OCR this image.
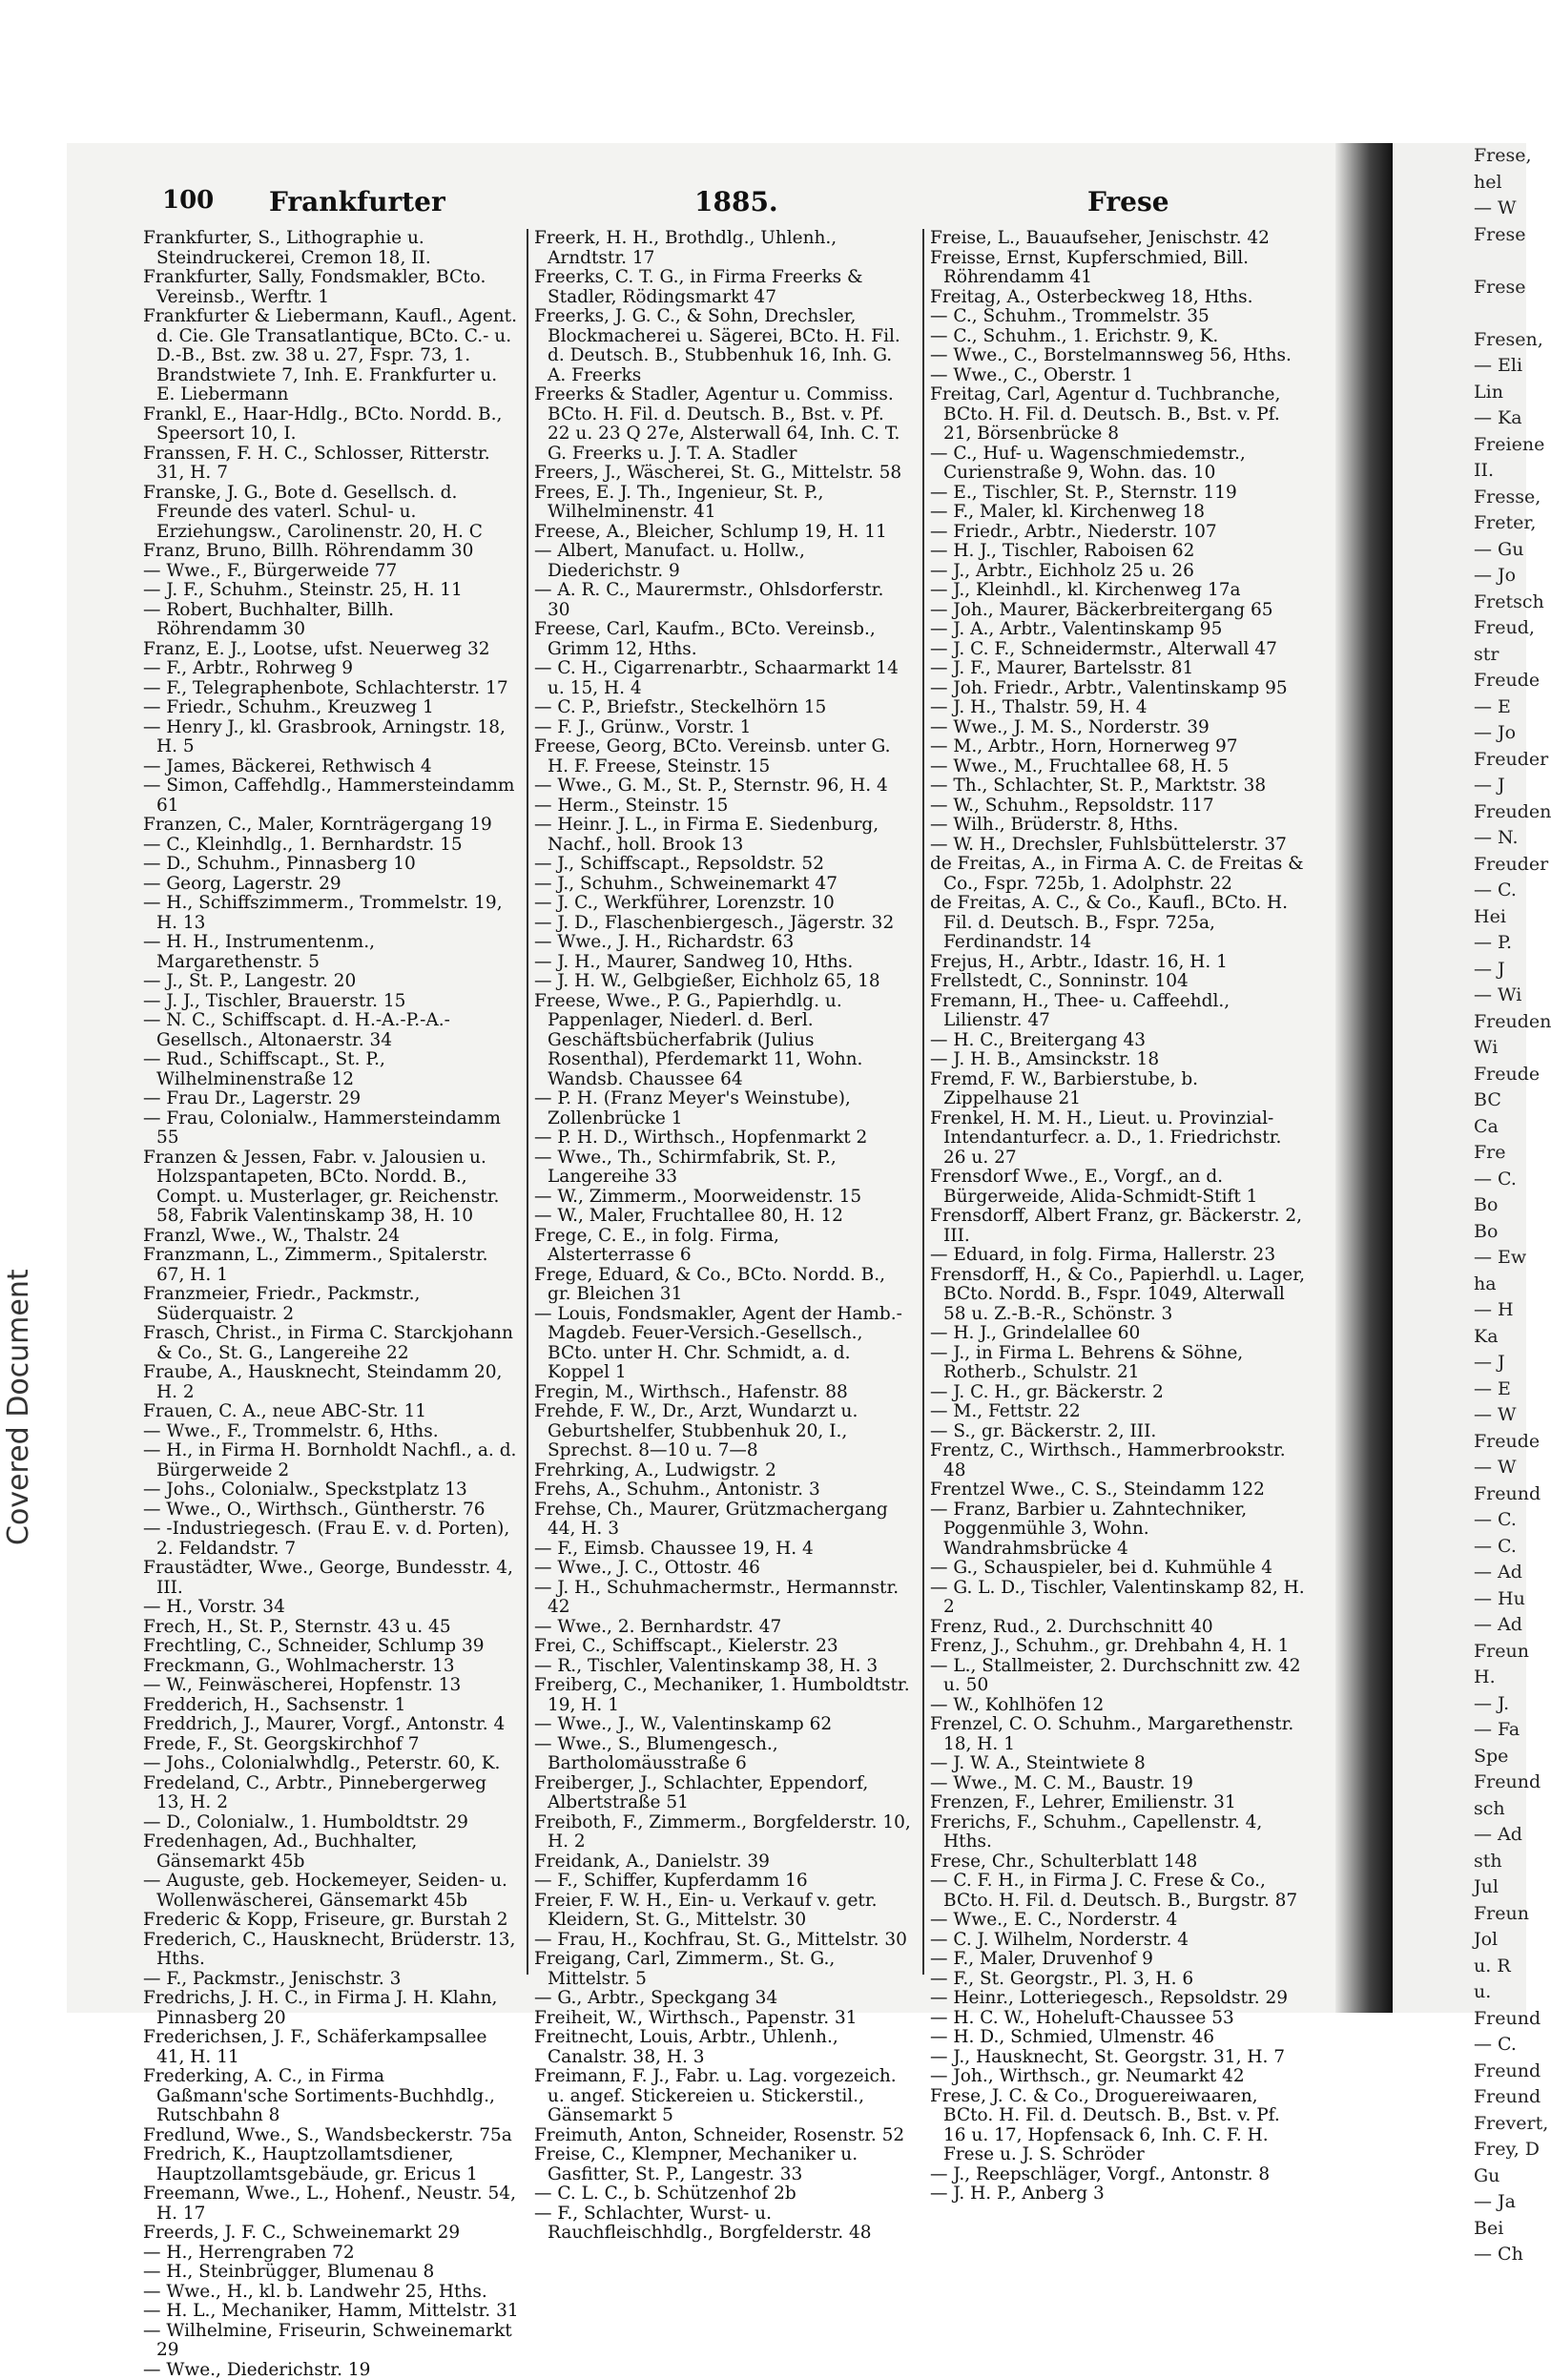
Frese,
hel
— W
Frese

Frese

Fresen,
— Eli
Lin
— Ka
Freiene
II.
Fresse,
Freter,
— Gu
— Jo
Fretsch
Freud,
str
Freude
— E
— Jo
Freuder
— J
Freuden
— N.
Freuder
— C.
Hei
— P.
— J
— Wi
Freuden
Wi
Freude
BC
Ca
Fre
— C.
Bo
Bo
— Ew
ha
— H
Ka
— J
— E
— W
Freude
— W
Freund
— C.
— C.
— Ad
— Hu
— Ad
Freun
H.
— J.
— Fa
Spe
Freund
sch
— Ad
sth
Jul
Freun
Jol
u. R
u.
Freund
— C.
Freund
Freund
Frevert,
Frey, D
Gu
— Ja
Bei
— Ch
Covered Document
100 Frankfurter	1885.	Frese

Frankfurter, S., Lithographie u. Steindruckerei, Cremon 18, II.

Frankfurter, Sally, Fondsmakler, BCto. Vereinsb., Werftr. 1

Frankfurter & Liebermann, Kaufl., Agent. d. Cie. Gle Transatlantique, BCto. C.- u. D.-B., Bst. zw. 38 u. 27, Fspr. 73, 1. Brandstwiete 7, Inh. E. Frankfurter u. E. Liebermann

Frankl, E., Haar-Hdlg., BCto. Nordd. B., Speersort 10, I.

Franssen, F. H. C., Schlosser, Ritterstr. 31, H. 7

Franske, J. G., Bote d. Gesellsch. d. Freunde des vaterl. Schul- u. Erziehungsw., Carolinenstr. 20, H. C

Franz, Bruno, Billh. Röhrendamm 30

— Wwe., F., Bürgerweide 77

— J. F., Schuhm., Steinstr. 25, H. 11

— Robert, Buchhalter, Billh. Röhrendamm 30

Franz, E. J., Lootse, ufst. Neuerweg 32

— F., Arbtr., Rohrweg 9

— F., Telegraphenbote, Schlachterstr. 17

— Friedr., Schuhm., Kreuzweg 1

— Henry J., kl. Grasbrook, Arningstr. 18, H. 5

— James, Bäckerei, Rethwisch 4

— Simon, Caffehdlg., Hammersteindamm 61

Franzen, C., Maler, Kornträgergang 19

— C., Kleinhdlg., 1. Bernhardstr. 15

— D., Schuhm., Pinnasberg 10

— Georg, Lagerstr. 29

— H., Schiffszimmerm., Trommelstr. 19, H. 13

— H. H., Instrumentenm., Margarethenstr. 5

— J., St. P., Langestr. 20

— J. J., Tischler, Brauerstr. 15

— N. C., Schiffscapt. d. H.-A.-P.-A.-Gesellsch., Altonaerstr. 34

— Rud., Schiffscapt., St. P., Wilhelminenstraße 12

— Frau Dr., Lagerstr. 29

— Frau, Colonialw., Hammersteindamm 55

Franzen & Jessen, Fabr. v. Jalousien u. Holzspantapeten, BCto. Nordd. B., Compt. u. Musterlager, gr. Reichenstr. 58, Fabrik Valentinskamp 38, H. 10

Franzl, Wwe., W., Thalstr. 24

Franzmann, L., Zimmerm., Spitalerstr. 67, H. 1

Franzmeier, Friedr., Packmstr., Süderquaistr. 2

Frasch, Christ., in Firma C. Starckjohann & Co., St. G., Langereihe 22

Fraube, A., Hausknecht, Steindamm 20, H. 2

Frauen, C. A., neue ABC-Str. 11

— Wwe., F., Trommelstr. 6, Hths.

— H., in Firma H. Bornholdt Nachfl., a. d. Bürgerweide 2

— Johs., Colonialw., Speckstplatz 13

— Wwe., O., Wirthsch., Güntherstr. 76

— -Industriegesch. (Frau E. v. d. Porten), 2. Feldandstr. 7

Fraustädter, Wwe., George, Bundesstr. 4, III.

— H., Vorstr. 34

Frech, H., St. P., Sternstr. 43 u. 45

Frechtling, C., Schneider, Schlump 39

Freckmann, G., Wohlmacherstr. 13

— W., Feinwäscherei, Hopfenstr. 13

Fredderich, H., Sachsenstr. 1

Freddrich, J., Maurer, Vorgf., Antonstr. 4

Frede, F., St. Georgskirchhof 7

— Johs., Colonialwhdlg., Peterstr. 60, K.

Fredeland, C., Arbtr., Pinnebergerweg 13, H. 2

— D., Colonialw., 1. Humboldtstr. 29

Fredenhagen, Ad., Buchhalter, Gänsemarkt 45b

— Auguste, geb. Hockemeyer, Seiden- u. Wollenwäscherei, Gänsemarkt 45b

Frederic & Kopp, Friseure, gr. Burstah 2

Frederich, C., Hausknecht, Brüderstr. 13, Hths.

— F., Packmstr., Jenischstr. 3

Fredrichs, J. H. C., in Firma J. H. Klahn, Pinnasberg 20

Frederichsen, J. F., Schäferkampsallee 41, H. 11

Frederking, A. C., in Firma Gaßmann'sche Sortiments-Buchhdlg., Rutschbahn 8

Fredlund, Wwe., S., Wandsbeckerstr. 75a

Fredrich, K., Hauptzollamtsdiener, Hauptzollamtsgebäude, gr. Ericus 1

Freemann, Wwe., L., Hohenf., Neustr. 54, H. 17

Freerds, J. F. C., Schweinemarkt 29

— H., Herrengraben 72

— H., Steinbrügger, Blumenau 8

— Wwe., H., kl. b. Landwehr 25, Hths.

— H. L., Mechaniker, Hamm, Mittelstr. 31

— Wilhelmine, Friseurin, Schweinemarkt 29

— Wwe., Diederichstr. 19

Freerk, H. H., Brothdlg., Uhlenh., Arndtstr. 17

Freerks, C. T. G., in Firma Freerks & Stadler, Rödingsmarkt 47

Freerks, J. G. C., & Sohn, Drechsler, Blockmacherei u. Sägerei, BCto. H. Fil. d. Deutsch. B., Stubbenhuk 16, Inh. G. A. Freerks

Freerks & Stadler, Agentur u. Commiss. BCto. H. Fil. d. Deutsch. B., Bst. v. Pf. 22 u. 23 Q 27e, Alsterwall 64, Inh. C. T. G. Freerks u. J. T. A. Stadler

Freers, J., Wäscherei, St. G., Mittelstr. 58

Frees, E. J. Th., Ingenieur, St. P., Wilhelminenstr. 41

Freese, A., Bleicher, Schlump 19, H. 11

— Albert, Manufact. u. Hollw., Diederichstr. 9

— A. R. C., Maurermstr., Ohlsdorferstr. 30

Freese, Carl, Kaufm., BCto. Vereinsb., Grimm 12, Hths.

— C. H., Cigarrenarbtr., Schaarmarkt 14 u. 15, H. 4

— C. P., Briefstr., Steckelhörn 15

— F. J., Grünw., Vorstr. 1

Freese, Georg, BCto. Vereinsb. unter G. H. F. Freese, Steinstr. 15

— Wwe., G. M., St. P., Sternstr. 96, H. 4

— Herm., Steinstr. 15

— Heinr. J. L., in Firma E. Siedenburg, Nachf., holl. Brook 13

— J., Schiffscapt., Repsoldstr. 52

— J., Schuhm., Schweinemarkt 47

— J. C., Werkführer, Lorenzstr. 10

— J. D., Flaschenbiergesch., Jägerstr. 32

— Wwe., J. H., Richardstr. 63

— J. H., Maurer, Sandweg 10, Hths.

— J. H. W., Gelbgießer, Eichholz 65, 18

Freese, Wwe., P. G., Papierhdlg. u. Pappenlager, Niederl. d. Berl. Geschäftsbücherfabrik (Julius Rosenthal), Pferdemarkt 11, Wohn. Wandsb. Chaussee 64

— P. H. (Franz Meyer's Weinstube), Zollenbrücke 1

— P. H. D., Wirthsch., Hopfenmarkt 2

— Wwe., Th., Schirmfabrik, St. P., Langereihe 33

— W., Zimmerm., Moorweidenstr. 15

— W., Maler, Fruchtallee 80, H. 12

Frege, C. E., in folg. Firma, Alsterterrasse 6

Frege, Eduard, & Co., BCto. Nordd. B., gr. Bleichen 31

— Louis, Fondsmakler, Agent der Hamb.-Magdeb. Feuer-Versich.-Gesellsch., BCto. unter H. Chr. Schmidt, a. d. Koppel 1

Fregin, M., Wirthsch., Hafenstr. 88

Frehde, F. W., Dr., Arzt, Wundarzt u. Geburtshelfer, Stubbenhuk 20, I., Sprechst. 8—10 u. 7—8

Frehrking, A., Ludwigstr. 2

Frehs, A., Schuhm., Antonistr. 3

Frehse, Ch., Maurer, Grützmachergang 44, H. 3

— F., Eimsb. Chaussee 19, H. 4

— Wwe., J. C., Ottostr. 46

— J. H., Schuhmachermstr., Hermannstr. 42

— Wwe., 2. Bernhardstr. 47

Frei, C., Schiffscapt., Kielerstr. 23

— R., Tischler, Valentinskamp 38, H. 3

Freiberg, C., Mechaniker, 1. Humboldtstr. 19, H. 1

— Wwe., J., W., Valentinskamp 62

— Wwe., S., Blumengesch., Bartholomäusstraße 6

Freiberger, J., Schlachter, Eppendorf, Albertstraße 51

Freiboth, F., Zimmerm., Borgfelderstr. 10, H. 2

Freidank, A., Danielstr. 39

— F., Schiffer, Kupferdamm 16

Freier, F. W. H., Ein- u. Verkauf v. getr. Kleidern, St. G., Mittelstr. 30

— Frau, H., Kochfrau, St. G., Mittelstr. 30

Freigang, Carl, Zimmerm., St. G., Mittelstr. 5

— G., Arbtr., Speckgang 34

Freiheit, W., Wirthsch., Papenstr. 31

Freitnecht, Louis, Arbtr., Uhlenh., Canalstr. 38, H. 3

Freimann, F. J., Fabr. u. Lag. vorgezeich. u. angef. Stickereien u. Stickerstil., Gänsemarkt 5

Freimuth, Anton, Schneider, Rosenstr. 52

Freise, C., Klempner, Mechaniker u. Gasfitter, St. P., Langestr. 33

— C. L. C., b. Schützenhof 2b

— F., Schlachter, Wurst- u. Rauchfleischhdlg., Borgfelderstr. 48

Freise, L., Bauaufseher, Jenischstr. 42

Freisse, Ernst, Kupferschmied, Bill. Röhrendamm 41

Freitag, A., Osterbeckweg 18, Hths.

— C., Schuhm., Trommelstr. 35

— C., Schuhm., 1. Erichstr. 9, K.

— Wwe., C., Borstelmannsweg 56, Hths.

— Wwe., C., Oberstr. 1

Freitag, Carl, Agentur d. Tuchbranche, BCto. H. Fil. d. Deutsch. B., Bst. v. Pf. 21, Börsenbrücke 8

— C., Huf- u. Wagenschmiedemstr., Curienstraße 9, Wohn. das. 10

— E., Tischler, St. P., Sternstr. 119

— F., Maler, kl. Kirchenweg 18

— Friedr., Arbtr., Niederstr. 107

— H. J., Tischler, Raboisen 62

— J., Arbtr., Eichholz 25 u. 26

— J., Kleinhdl., kl. Kirchenweg 17a

— Joh., Maurer, Bäckerbreitergang 65

— J. A., Arbtr., Valentinskamp 95

— J. C. F., Schneidermstr., Alterwall 47

— J. F., Maurer, Bartelsstr. 81

— Joh. Friedr., Arbtr., Valentinskamp 95

— J. H., Thalstr. 59, H. 4

— Wwe., J. M. S., Norderstr. 39

— M., Arbtr., Horn, Hornerweg 97

— Wwe., M., Fruchtallee 68, H. 5

— Th., Schlachter, St. P., Marktstr. 38

— W., Schuhm., Repsoldstr. 117

— Wilh., Brüderstr. 8, Hths.

— W. H., Drechsler, Fuhlsbüttelerstr. 37

de Freitas, A., in Firma A. C. de Freitas & Co., Fspr. 725b, 1. Adolphstr. 22

de Freitas, A. C., & Co., Kaufl., BCto. H. Fil. d. Deutsch. B., Fspr. 725a, Ferdinandstr. 14

Frejus, H., Arbtr., Idastr. 16, H. 1

Frellstedt, C., Sonninstr. 104

Fremann, H., Thee- u. Caffeehdl., Lilienstr. 47

— H. C., Breitergang 43

— J. H. B., Amsinckstr. 18

Fremd, F. W., Barbierstube, b. Zippelhause 21

Frenkel, H. M. H., Lieut. u. Provinzial-Intendanturfecr. a. D., 1. Friedrichstr. 26 u. 27

Frensdorf Wwe., E., Vorgf., an d. Bürgerweide, Alida-Schmidt-Stift 1

Frensdorff, Albert Franz, gr. Bäckerstr. 2, III.

— Eduard, in folg. Firma, Hallerstr. 23

Frensdorff, H., & Co., Papierhdl. u. Lager, BCto. Nordd. B., Fspr. 1049, Alterwall 58 u. Z.-B.-R., Schönstr. 3

— H. J., Grindelallee 60

— J., in Firma L. Behrens & Söhne, Rotherb., Schulstr. 21

— J. C. H., gr. Bäckerstr. 2

— M., Fettstr. 22

— S., gr. Bäckerstr. 2, III.

Frentz, C., Wirthsch., Hammerbrookstr. 48

Frentzel Wwe., C. S., Steindamm 122

— Franz, Barbier u. Zahntechniker, Poggenmühle 3, Wohn. Wandrahmsbrücke 4

— G., Schauspieler, bei d. Kuhmühle 4

— G. L. D., Tischler, Valentinskamp 82, H. 2

Frenz, Rud., 2. Durchschnitt 40

Frenz, J., Schuhm., gr. Drehbahn 4, H. 1

— L., Stallmeister, 2. Durchschnitt zw. 42 u. 50

— W., Kohlhöfen 12

Frenzel, C. O. Schuhm., Margarethenstr. 18, H. 1

— J. W. A., Steintwiete 8

— Wwe., M. C. M., Baustr. 19

Frenzen, F., Lehrer, Emilienstr. 31

Frerichs, F., Schuhm., Capellenstr. 4, Hths.

Frese, Chr., Schulterblatt 148

— C. F. H., in Firma J. C. Frese & Co., BCto. H. Fil. d. Deutsch. B., Burgstr. 87

— Wwe., E. C., Norderstr. 4

— C. J. Wilhelm, Norderstr. 4

— F., Maler, Druvenhof 9

— F., St. Georgstr., Pl. 3, H. 6

— Heinr., Lotteriegesch., Repsoldstr. 29

— H. C. W., Hoheluft-Chaussee 53

— H. D., Schmied, Ulmenstr. 46

— J., Hausknecht, St. Georgstr. 31, H. 7

— Joh., Wirthsch., gr. Neumarkt 42

Frese, J. C. & Co., Droguereiwaaren, BCto. H. Fil. d. Deutsch. B., Bst. v. Pf. 16 u. 17, Hopfensack 6, Inh. C. F. H. Frese u. J. S. Schröder

— J., Reepschläger, Vorgf., Antonstr. 8

— J. H. P., Anberg 3
